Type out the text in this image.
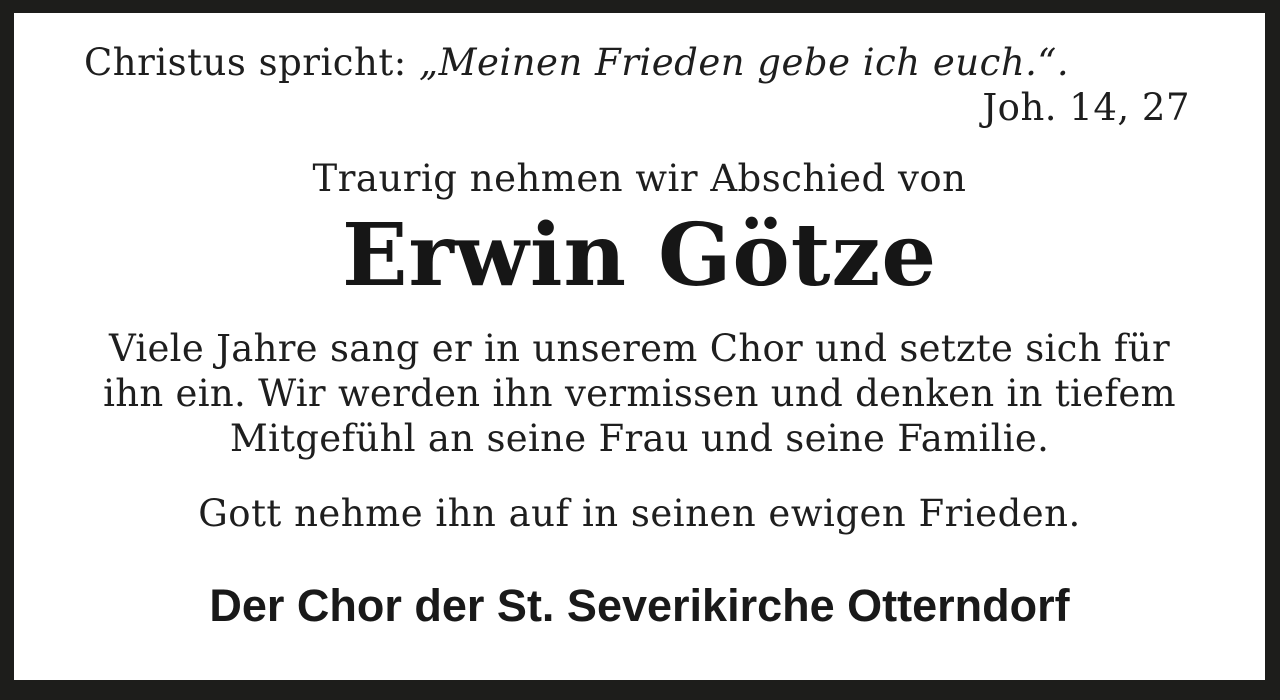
Christus spricht: „Meinen Frieden gebe ich euch.“.
Joh. 14, 27
Traurig nehmen wir Abschied von
Erwin Götze
Viele Jahre sang er in unserem Chor und setzte sich für
ihn ein. Wir werden ihn vermissen und denken in tiefem
Mitgefühl an seine Frau und seine Familie.
Gott nehme ihn auf in seinen ewigen Frieden.
Der Chor der St. Severikirche Otterndorf
